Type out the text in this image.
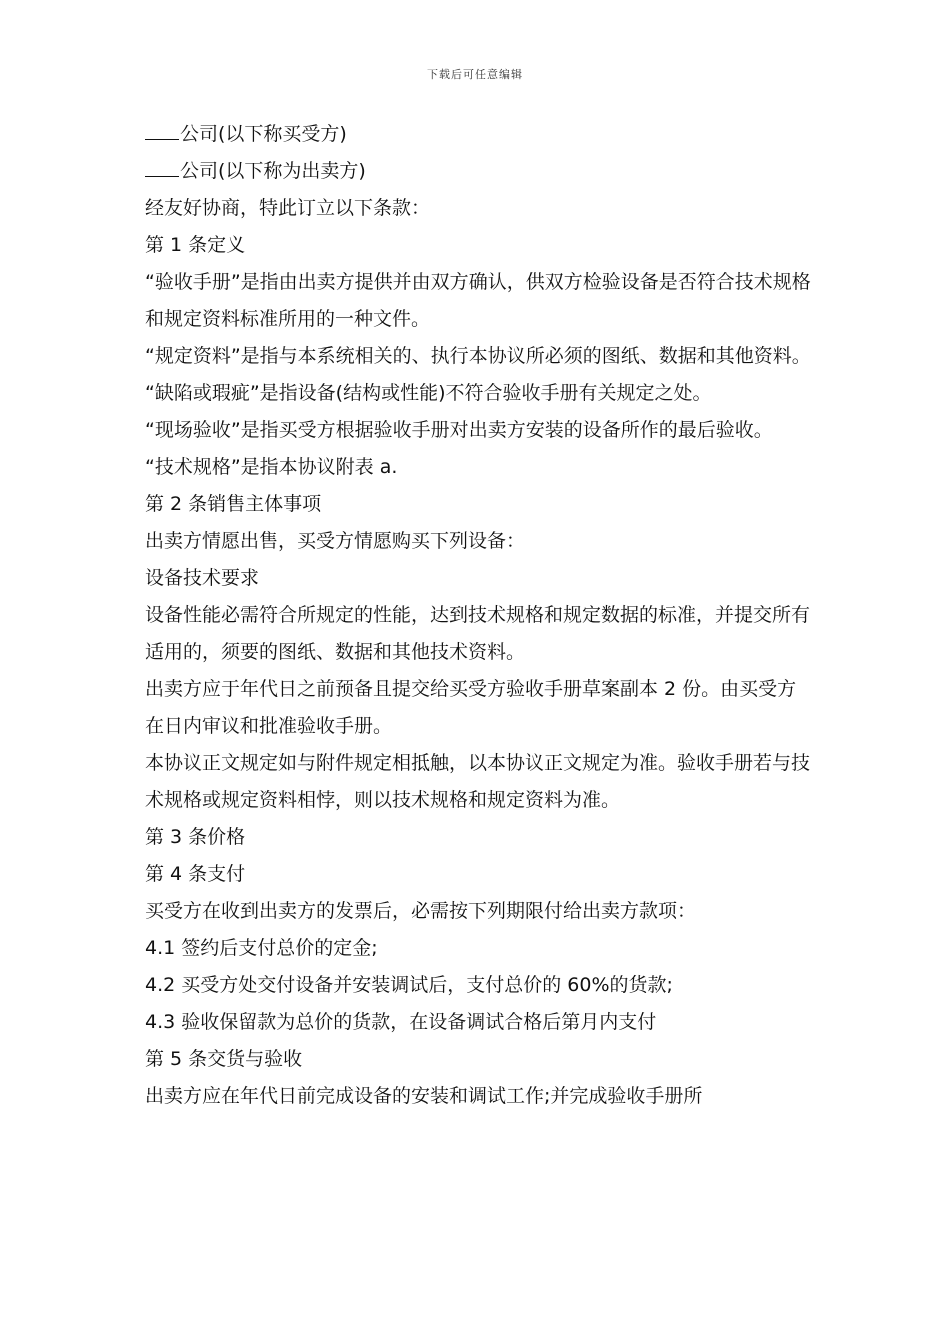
下载后可任意编辑

公司(以下称买受方)

公司(以下称为出卖方)

经友好协商，特此订立以下条款：

第 1 条定义

“验收手册”是指由出卖方提供并由双方确认，供双方检验设备是否符合技术规格和规定资料标准所用的一种文件。

“规定资料”是指与本系统相关的、执行本协议所必须的图纸、数据和其他资料。

“缺陷或瑕疵”是指设备(结构或性能)不符合验收手册有关规定之处。

“现场验收”是指买受方根据验收手册对出卖方安装的设备所作的最后验收。

“技术规格”是指本协议附表 a.

第 2 条销售主体事项

出卖方情愿出售，买受方情愿购买下列设备：

设备技术要求

设备性能必需符合所规定的性能，达到技术规格和规定数据的标准，并提交所有适用的，须要的图纸、数据和其他技术资料。

出卖方应于年代日之前预备且提交给买受方验收手册草案副本 2 份。由买受方在日内审议和批准验收手册。

本协议正文规定如与附件规定相抵触，以本协议正文规定为准。验收手册若与技术规格或规定资料相悖，则以技术规格和规定资料为准。

第 3 条价格

第 4 条支付

买受方在收到出卖方的发票后，必需按下列期限付给出卖方款项：

4.1 签约后支付总价的定金;

4.2 买受方处交付设备并安装调试后，支付总价的 60%的货款;

4.3 验收保留款为总价的货款，在设备调试合格后第月内支付

第 5 条交货与验收

出卖方应在年代日前完成设备的安装和调试工作;并完成验收手册所
